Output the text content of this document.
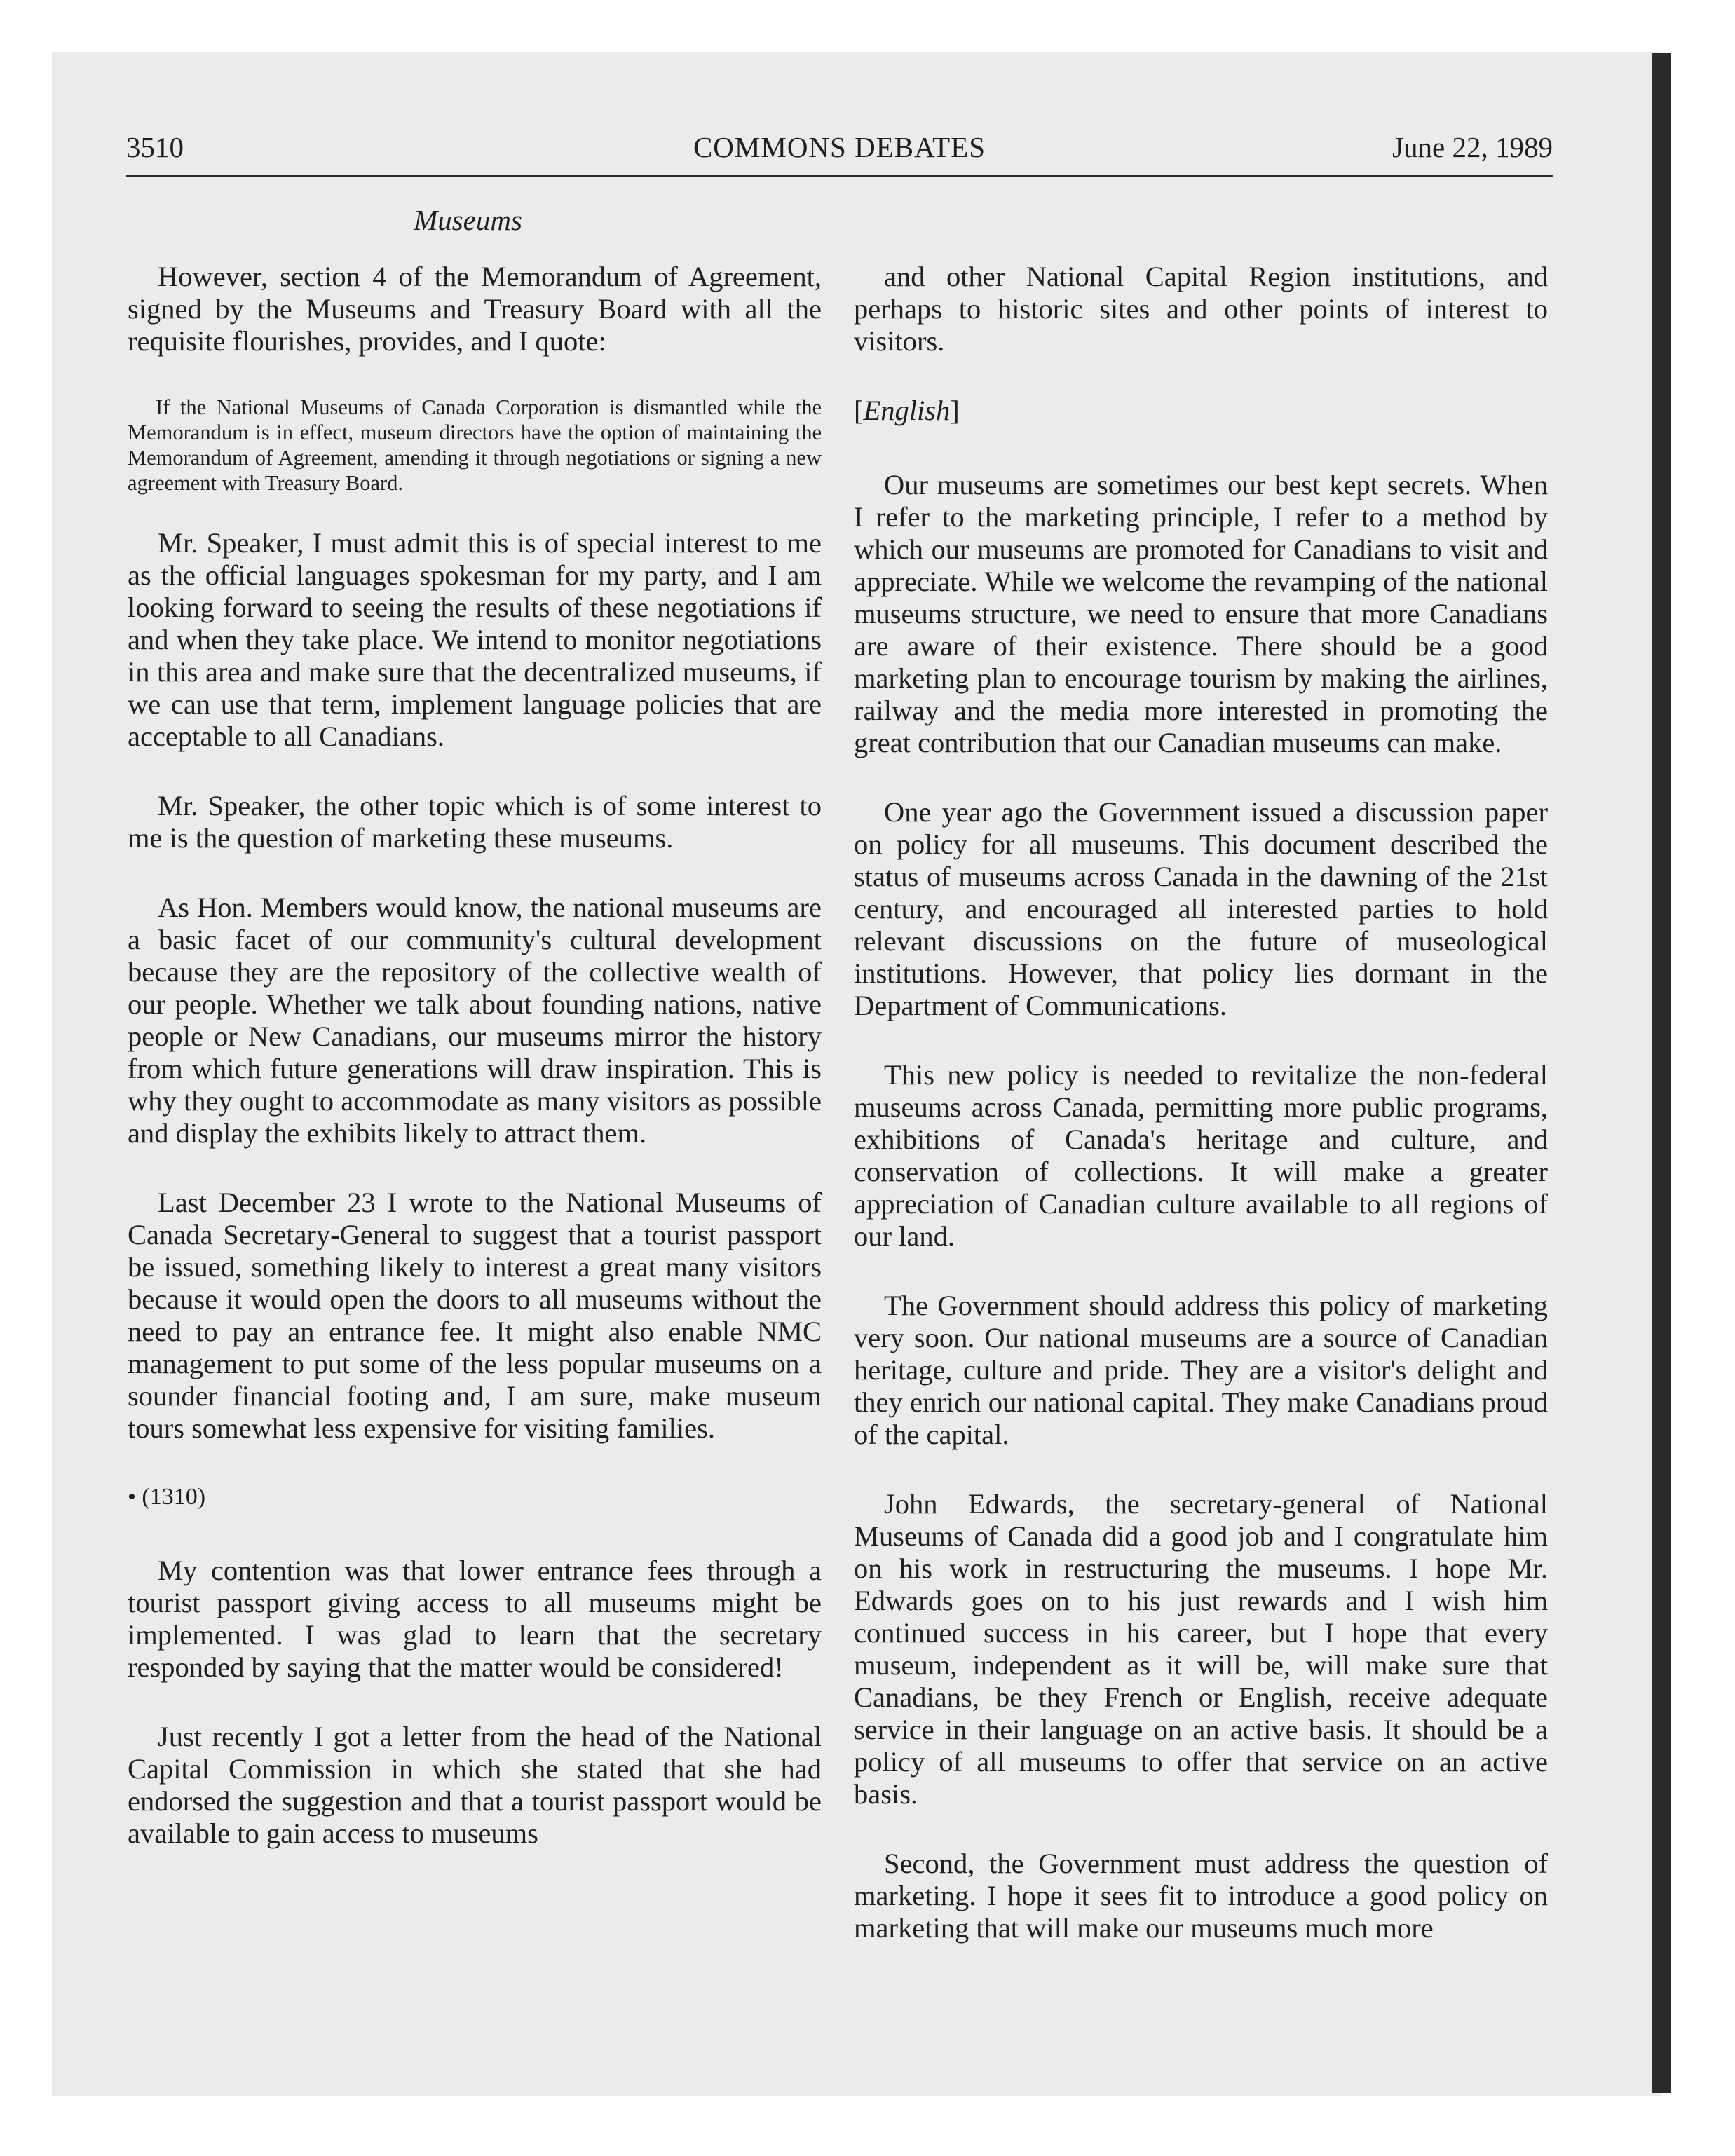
3510	COMMONS DEBATES	June 22, 1989
Museums

However, section 4 of the Memorandum of Agreement, signed by the Museums and Treasury Board with all the requisite flourishes, provides, and I quote:

If the National Museums of Canada Corporation is dismantled while the Memorandum is in effect, museum directors have the option of maintaining the Memorandum of Agreement, amending it through negotiations or signing a new agreement with Treasury Board.

Mr. Speaker, I must admit this is of special interest to me as the official languages spokesman for my party, and I am looking forward to seeing the results of these negotiations if and when they take place. We intend to monitor negotiations in this area and make sure that the decentralized museums, if we can use that term, implement language policies that are acceptable to all Canadians.

Mr. Speaker, the other topic which is of some interest to me is the question of marketing these museums.

As Hon. Members would know, the national museums are a basic facet of our community's cultural development because they are the repository of the collective wealth of our people. Whether we talk about founding nations, native people or New Canadians, our museums mirror the history from which future generations will draw inspiration. This is why they ought to accommodate as many visitors as possible and display the exhibits likely to attract them.

Last December 23 I wrote to the National Museums of Canada Secretary-General to suggest that a tourist passport be issued, something likely to interest a great many visitors because it would open the doors to all museums without the need to pay an entrance fee. It might also enable NMC management to put some of the less popular museums on a sounder financial footing and, I am sure, make museum tours somewhat less expensive for visiting families.

• (1310)

My contention was that lower entrance fees through a tourist passport giving access to all museums might be implemented. I was glad to learn that the secretary responded by saying that the matter would be considered!

Just recently I got a letter from the head of the National Capital Commission in which she stated that she had endorsed the suggestion and that a tourist passport would be available to gain access to museums

and other National Capital Region institutions, and perhaps to historic sites and other points of interest to visitors.

[English]

Our museums are sometimes our best kept secrets. When I refer to the marketing principle, I refer to a method by which our museums are promoted for Canadians to visit and appreciate. While we welcome the revamping of the national museums structure, we need to ensure that more Canadians are aware of their existence. There should be a good marketing plan to encourage tourism by making the airlines, railway and the media more interested in promoting the great contribution that our Canadian museums can make.

One year ago the Government issued a discussion paper on policy for all museums. This document described the status of museums across Canada in the dawning of the 21st century, and encouraged all interested parties to hold relevant discussions on the future of museological institutions. However, that policy lies dormant in the Department of Communications.

This new policy is needed to revitalize the non-federal museums across Canada, permitting more public programs, exhibitions of Canada's heritage and culture, and conservation of collections. It will make a greater appreciation of Canadian culture available to all regions of our land.

The Government should address this policy of marketing very soon. Our national museums are a source of Canadian heritage, culture and pride. They are a visitor's delight and they enrich our national capital. They make Canadians proud of the capital.

John Edwards, the secretary-general of National Museums of Canada did a good job and I congratulate him on his work in restructuring the museums. I hope Mr. Edwards goes on to his just rewards and I wish him continued success in his career, but I hope that every museum, independent as it will be, will make sure that Canadians, be they French or English, receive adequate service in their language on an active basis. It should be a policy of all museums to offer that service on an active basis.

Second, the Government must address the question of marketing. I hope it sees fit to introduce a good policy on marketing that will make our museums much more
